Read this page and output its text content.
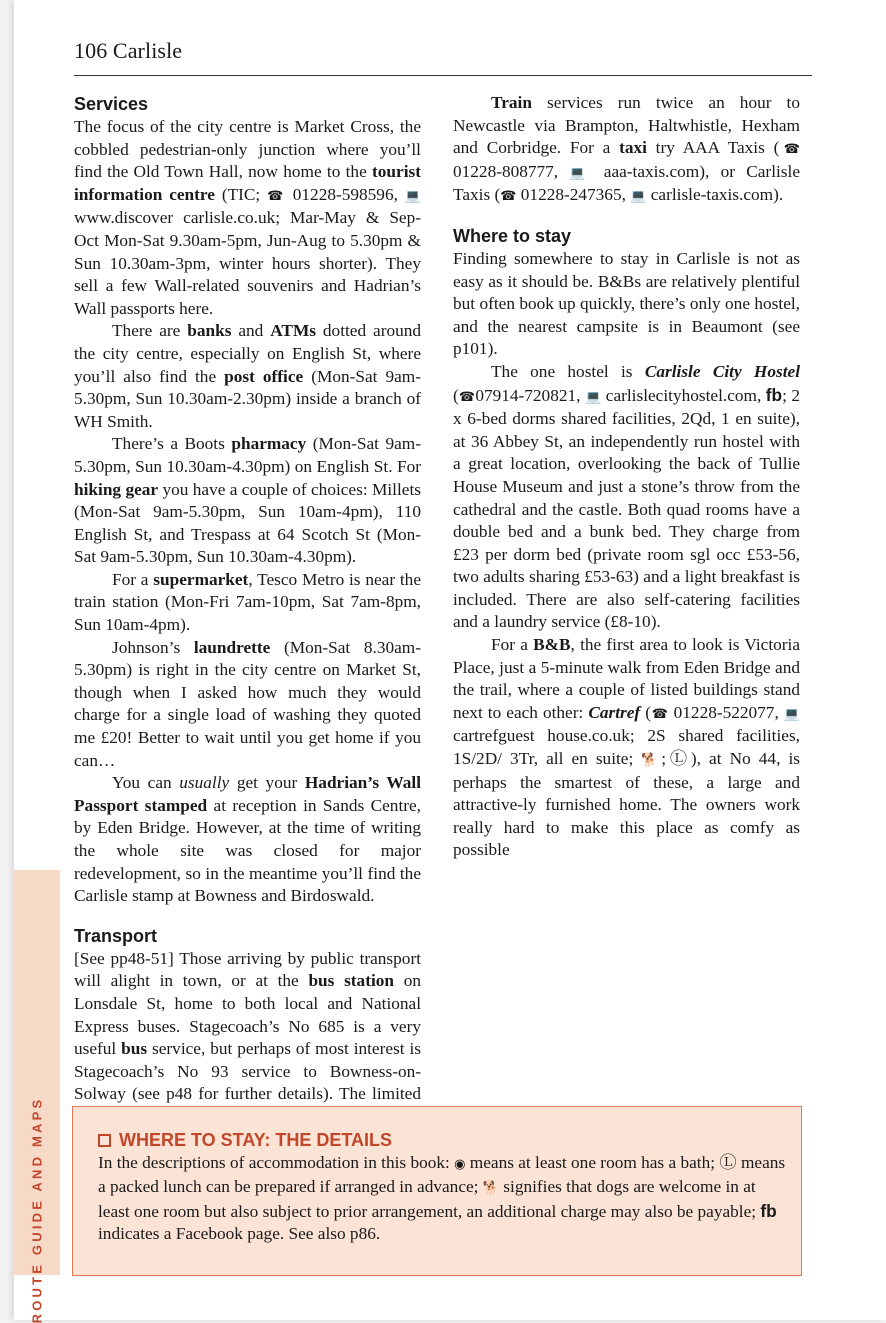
106 Carlisle
ROUTE GUIDE AND MAPS
Services

The focus of the city centre is Market Cross, the cobbled pedestrian-only junction where you’ll find the Old Town Hall, now home to the tourist information centre (TIC; ☎ 01228-598596, 💻 www.discover carlisle.co.uk; Mar-May & Sep-Oct Mon-Sat 9.30am-5pm, Jun-Aug to 5.30pm & Sun 10.30am-3pm, winter hours shorter). They sell a few Wall-related souvenirs and Hadrian’s Wall passports here.

There are banks and ATMs dotted around the city centre, especially on English St, where you’ll also find the post office (Mon-Sat 9am-5.30pm, Sun 10.30am-2.30pm) inside a branch of WH Smith.

There’s a Boots pharmacy (Mon-Sat 9am-5.30pm, Sun 10.30am-4.30pm) on English St. For hiking gear you have a couple of choices: Millets (Mon-Sat 9am-5.30pm, Sun 10am-4pm), 110 English St, and Trespass at 64 Scotch St (Mon-Sat 9am-5.30pm, Sun 10.30am-4.30pm).

For a supermarket, Tesco Metro is near the train station (Mon-Fri 7am-10pm, Sat 7am-8pm, Sun 10am-4pm).

Johnson’s laundrette (Mon-Sat 8.30am-5.30pm) is right in the city centre on Market St, though when I asked how much they would charge for a single load of washing they quoted me £20! Better to wait until you get home if you can…

You can usually get your Hadrian’s Wall Passport stamped at reception in Sands Centre, by Eden Bridge. However, at the time of writing the whole site was closed for major redevelopment, so in the meantime you’ll find the Carlisle stamp at Bowness and Birdoswald.

Transport

[See pp48-51] Those arriving by public transport will alight in town, or at the bus station on Lonsdale St, home to both local and National Express buses. Stagecoach’s No 685 is a very useful bus service, but perhaps of most interest is Stagecoach’s No 93 service to Bowness-on-Solway (see p48 for further details). The limited

Train services run twice an hour to Newcastle via Brampton, Haltwhistle, Hexham and Corbridge. For a taxi try AAA Taxis (☎ 01228-808777, 💻 aaa-taxis.com), or Carlisle Taxis (☎ 01228-247365, 💻 carlisle-taxis.com).

Where to stay

Finding somewhere to stay in Carlisle is not as easy as it should be. B&Bs are relatively plentiful but often book up quickly, there’s only one hostel, and the nearest campsite is in Beaumont (see p101).

The one hostel is Carlisle City Hostel (☎07914-720821, 💻 carlislecityhostel.com, fb; 2 x 6-bed dorms shared facilities, 2Qd, 1 en suite), at 36 Abbey St, an independently run hostel with a great location, overlooking the back of Tullie House Museum and just a stone’s throw from the cathedral and the castle. Both quad rooms have a double bed and a bunk bed. They charge from £23 per dorm bed (private room sgl occ £53-56, two adults sharing £53-63) and a light breakfast is included. There are also self-catering facilities and a laundry service (£8-10).

For a B&B, the first area to look is Victoria Place, just a 5-minute walk from Eden Bridge and the trail, where a couple of listed buildings stand next to each other: Cartref (☎ 01228-522077, 💻 cartrefguest house.co.uk; 2S shared facilities, 1S/2D/ 3Tr, all en suite; 🐕;Ⓛ), at No 44, is perhaps the smartest of these, a large and attractive-ly furnished home. The owners work really hard to make this place as comfy as possible

WHERE TO STAY: THE DETAILS

In the descriptions of accommodation in this book: ◉ means at least one room has a bath; Ⓛ means a packed lunch can be prepared if arranged in advance; 🐕 signifies that dogs are welcome in at least one room but also subject to prior arrangement, an additional charge may also be payable; fb indicates a Facebook page. See also p86.
